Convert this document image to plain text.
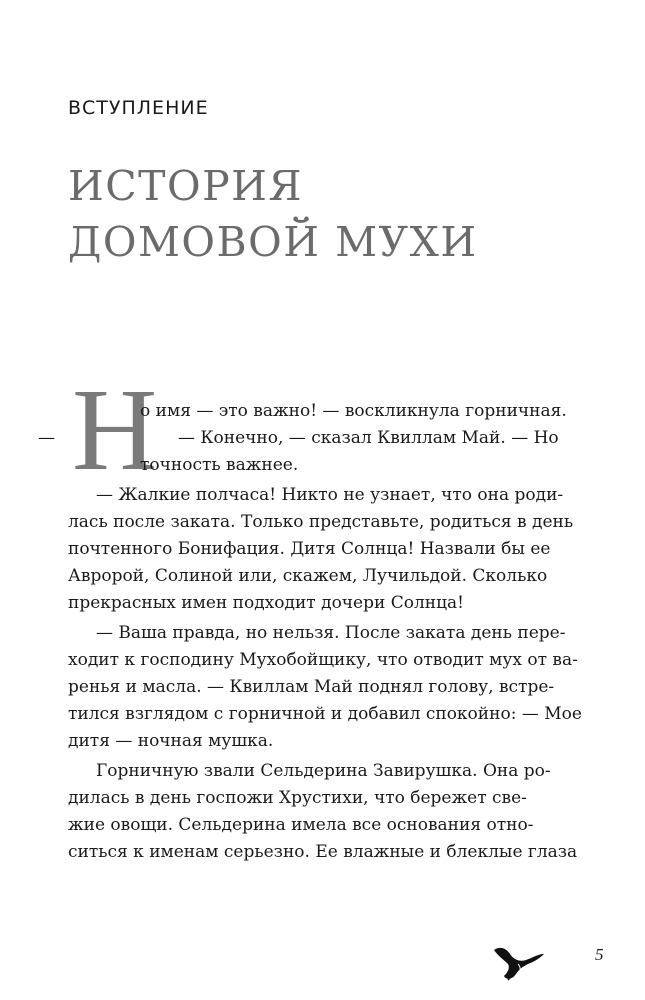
ВСТУПЛЕНИЕ
ИСТОРИЯ
ДОМОВОЙ МУХИ
Н
—
о имя — это важно! — воскликнула горничная.
— Конечно, — сказал Квиллам Май. — Но
точность важнее.
— Жалкие полчаса! Никто не узнает, что она роди-
лась после заката. Только представьте, родиться в день
почтенного Бонифация. Дитя Солнца! Назвали бы ее
Авророй, Солиной или, скажем, Лучильдой. Сколько
прекрасных имен подходит дочери Солнца!
— Ваша правда, но нельзя. После заката день пере-
ходит к господину Мухобойщику, что отводит мух от ва-
ренья и масла. — Квиллам Май поднял голову, встре-
тился взглядом с горничной и добавил спокойно: — Мое
дитя — ночная мушка.
Горничную звали Сельдерина Завирушка. Она ро-
дилась в день госпожи Хрустихи, что бережет све-
жие овощи. Сельдерина имела все основания отно-
ситься к именам серьезно. Ее влажные и блеклые глаза
5
